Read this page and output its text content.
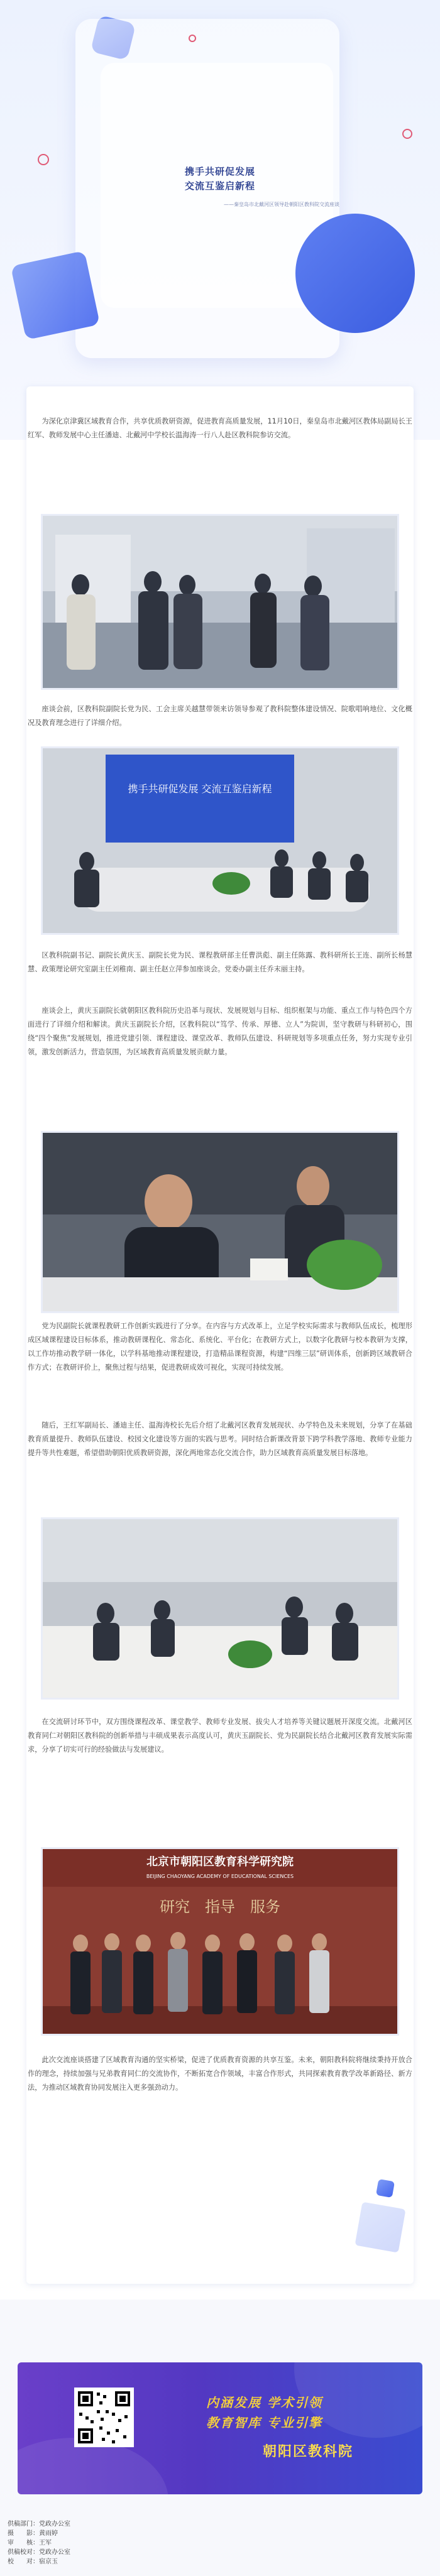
携手共研促发展
交流互鉴启新程
——秦皇岛市北戴河区领导赴朝阳区教科院交流座谈

为深化京津冀区域教育合作，共享优质教研资源，促进教育高质量发展，11月10日，秦皇岛市北戴河区教体局副局长王红军、教师发展中心主任潘迪、北戴河中学校长温海涛一行八人赴区教科院参访交流。

座谈会前，区教科院副院长党为民、工会主席关越慧带领来访领导参观了教科院整体建设情况、院歌唱响地位、文化概况及教育理念进行了详细介绍。

携手共研促发展 交流互鉴启新程

区教科院副书记、副院长黄庆玉、副院长党为民、课程教研部主任曹洪彪、副主任陈露、教科研所长王连、副所长杨慧慧、政策理论研究室副主任刘稚南、副主任赵立萍参加座谈会。党委办副主任乔末丽主持。

座谈会上，黄庆玉副院长就朝阳区教科院历史沿革与现状、发展规划与目标、组织框架与功能、重点工作与特色四个方面进行了详细介绍和解读。黄庆玉副院长介绍，区教科院以“笃学、传承、厚德、立人”为院训，坚守教研与科研初心，围绕“四个聚焦”发展规划，推进党建引领、课程建设、课堂改革、教师队伍建设、科研规划等多项重点任务，努力实现专业引领，激发创新活力，营造氛围，为区域教育高质量发展贡献力量。

党为民副院长就课程教研工作创新实践进行了分享。在内容与方式改革上，立足学校实际需求与教师队伍成长，梳理形成区域课程建设目标体系，推动教研课程化、常态化、系统化、平台化；在教研方式上，以数字化教研与校本教研为支撑，以工作坊推动教学研一体化，以学科基地推动课程建设，打造精品课程资源，构建“四维三层”研训体系，创新跨区域教研合作方式；在教研评价上，聚焦过程与结果，促进教研成效可视化，实现可持续发展。

随后，王红军副局长、潘迪主任、温海涛校长先后介绍了北戴河区教育发展现状、办学特色及未来规划，分享了在基础教育质量提升、教师队伍建设、校园文化建设等方面的实践与思考。同时结合新课改背景下跨学科教学落地、教师专业能力提升等共性难题，希望借助朝阳优质教研资源，深化两地常态化交流合作，助力区域教育高质量发展目标落地。

在交流研讨环节中，双方围绕课程改革、课堂教学、教师专业发展、拔尖人才培养等关键议题展开深度交流。北戴河区教育同仁对朝阳区教科院的创新举措与丰硕成果表示高度认可，黄庆玉副院长、党为民副院长结合北戴河区教育发展实际需求，分享了切实可行的经验做法与发展建议。

北京市朝阳区教育科学研究院
BEIJING CHAOYANG ACADEMY OF EDUCATIONAL SCIENCES
研究　指导　服务

此次交流座谈搭建了区域教育沟通的坚实桥梁，促进了优质教育资源的共享互鉴。未来，朝阳教科院将继续秉持开放合作的理念，持续加强与兄弟教育同仁的交流协作，不断拓宽合作领域，丰富合作形式，共同探索教育教学改革新路径、新方法，为推动区域教育协同发展注入更多强劲动力。

内涵发展 学术引领
教育智库 专业引擎
朝阳区教科院
供稿部门：党政办公室
摄　　影：黄雨婷
审　　核：王军
供稿校对：党政办公室
校　　对：宿京玉
